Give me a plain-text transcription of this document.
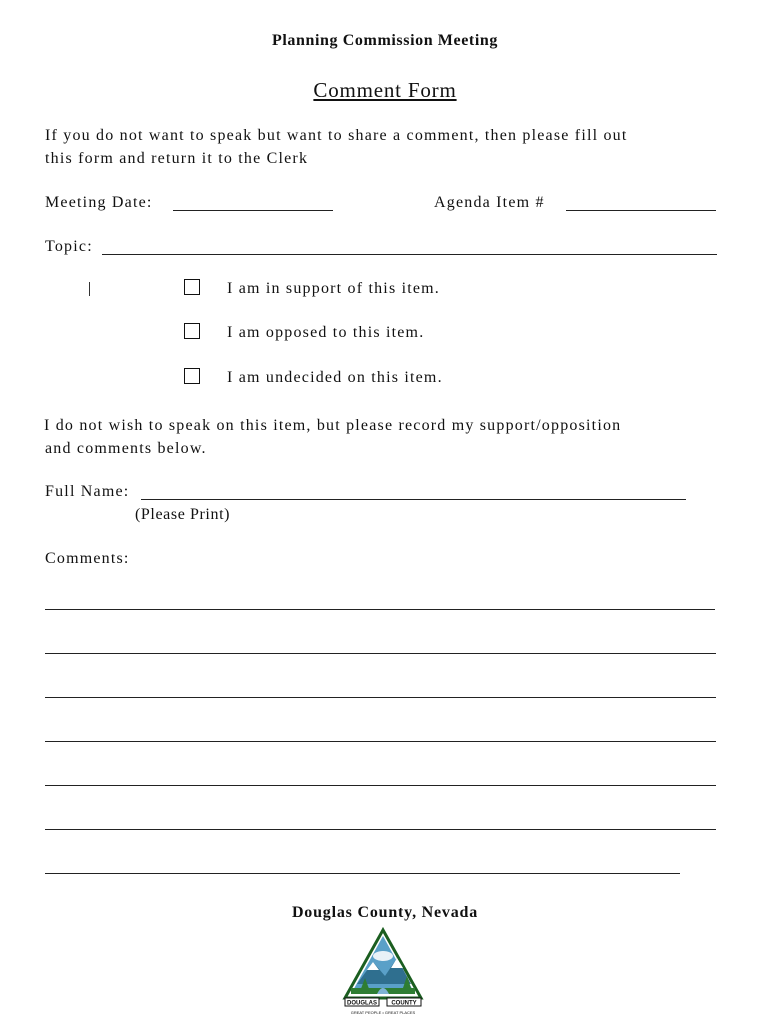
Planning Commission Meeting
Comment Form
If you do not want to speak but want to share a comment, then please fill out
this form and return it to the Clerk
Meeting Date:	Agenda Item #
Topic:
I am in support of this item.
I am opposed to this item.
I am undecided on this item.
I do not wish to speak on this item, but please record my support/opposition
and comments below.
Full Name:
(Please Print)
Comments:
Douglas County, Nevada
DOUGLAS COUNTY
GREAT PEOPLE • GREAT PLACES
